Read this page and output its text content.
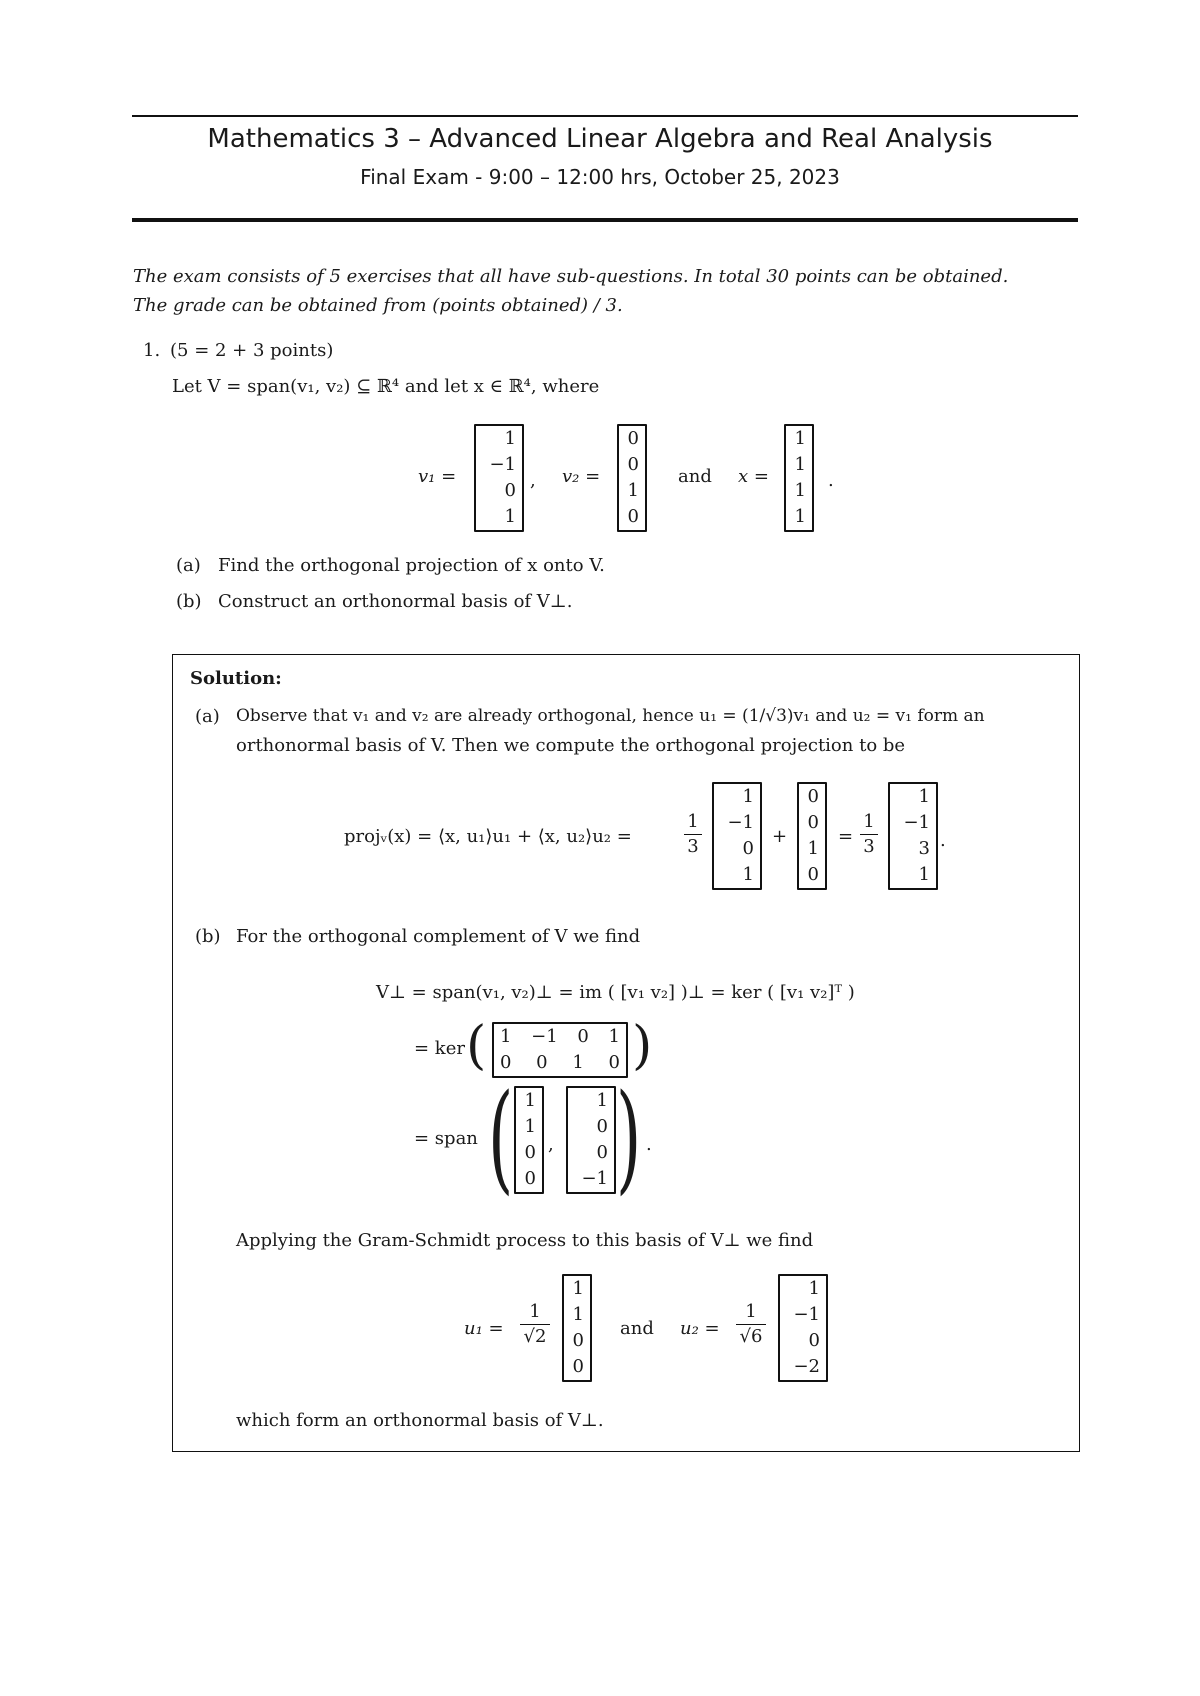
Mathematics 3 – Advanced Linear Algebra and Real Analysis
Final Exam - 9:00 – 12:00 hrs, October 25, 2023
The exam consists of 5 exercises that all have sub-questions. In total 30 points can be obtained.
The grade can be obtained from (points obtained) / 3.
1. (5 = 2 + 3 points)
Let V = span(v₁, v₂) ⊆ ℝ⁴ and let x ∈ ℝ⁴, where
v₁ =
1
−1
0
1
, v₂ =
0
0
1
0
and x =
1
1
1
1
.
(a) Find the orthogonal projection of x onto V.
(b) Construct an orthonormal basis of V⊥.
Solution:
(a) Observe that v₁ and v₂ are already orthogonal, hence u₁ = (1/√3)v₁ and u₂ = v₁ form an
orthonormal basis of V. Then we compute the orthogonal projection to be
projᵥ(x) = ⟨x, u₁⟩u₁ + ⟨x, u₂⟩u₂ =	$\frac{1}{3}$
1
−1
0
1
+
0
0
1
0
= $\frac{1}{3}$
1
−1
3
1
.
(b) For the orthogonal complement of V we find
V⊥ = span(v₁, v₂)⊥ = im ( [v₁ v₂] )⊥ = ker ( [v₁ v₂]ᵀ )
= ker ( 1 −1 0 1
0 0 1 0 )
= span ( 1
1
0
0
,
1
0
0
−1 ) .
Applying the Gram-Schmidt process to this basis of V⊥ we find
$u_1 = \frac{1}{√2}$
1
1
0
0
and $u_2 = \frac{1}{√6}$
1
−1
0
−2
which form an orthonormal basis of V⊥.
